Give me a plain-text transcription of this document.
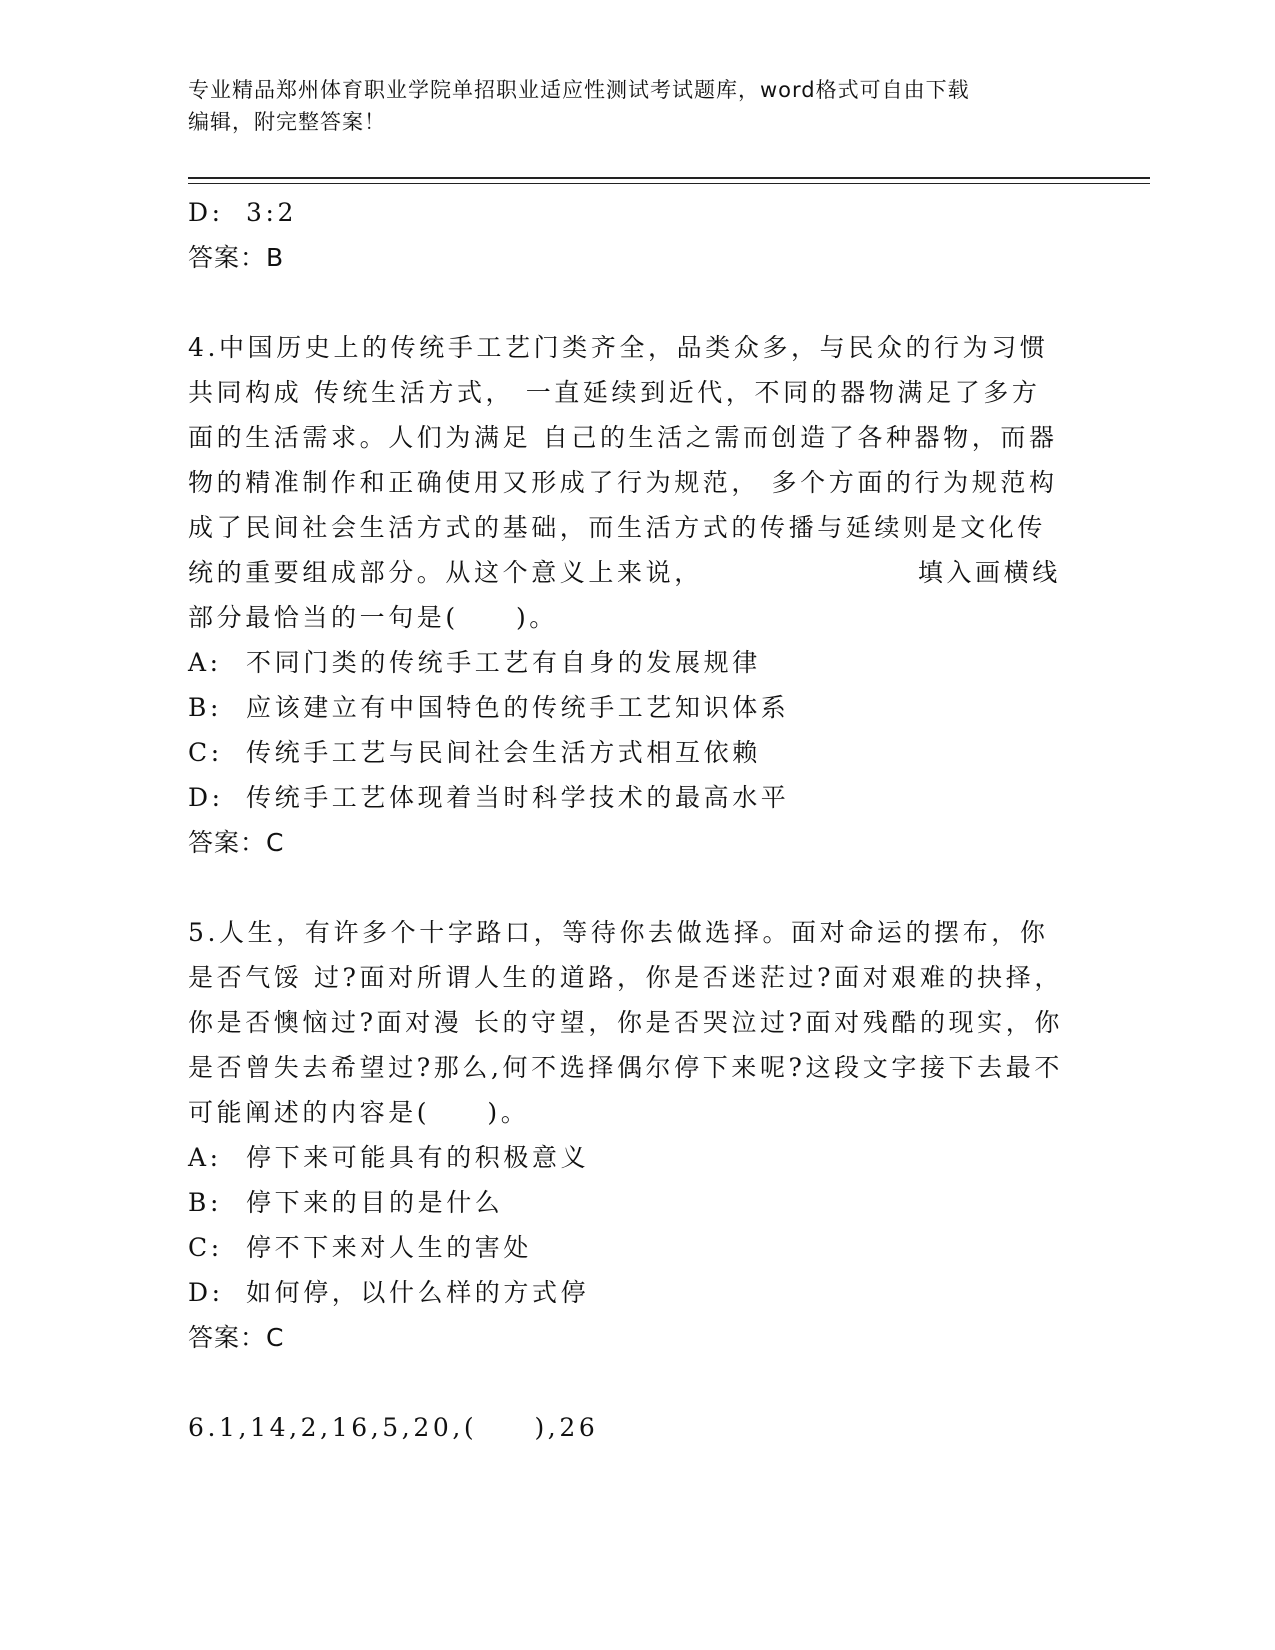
专业精品郑州体育职业学院单招职业适应性测试考试题库，word格式可自由下载
编辑，附完整答案！
D: 3:2
答案：B
4.中国历史上的传统手工艺门类齐全，品类众多，与民众的行为习惯
共同构成 传统生活方式， 一直延续到近代，不同的器物满足了多方
面的生活需求。人们为满足 自己的生活之需而创造了各种器物，而器
物的精准制作和正确使用又形成了行为规范， 多个方面的行为规范构
成了民间社会生活方式的基础，而生活方式的传播与延续则是文化传
统的重要组成部分。从这个意义上来说，	填入画横线
部分最恰当的一句是(　　)。
A: 不同门类的传统手工艺有自身的发展规律
B: 应该建立有中国特色的传统手工艺知识体系
C: 传统手工艺与民间社会生活方式相互依赖
D: 传统手工艺体现着当时科学技术的最高水平
答案：C
5.人生，有许多个十字路口，等待你去做选择。面对命运的摆布，你
是否气馁 过?面对所谓人生的道路，你是否迷茫过?面对艰难的抉择，
你是否懊恼过?面对漫 长的守望，你是否哭泣过?面对残酷的现实，你
是否曾失去希望过?那么,何不选择偶尔停下来呢?这段文字接下去最不
可能阐述的内容是(　　)。
A: 停下来可能具有的积极意义
B: 停下来的目的是什么
C: 停不下来对人生的害处
D: 如何停，以什么样的方式停
答案：C
6.1,14,2,16,5,20,(　　),26
